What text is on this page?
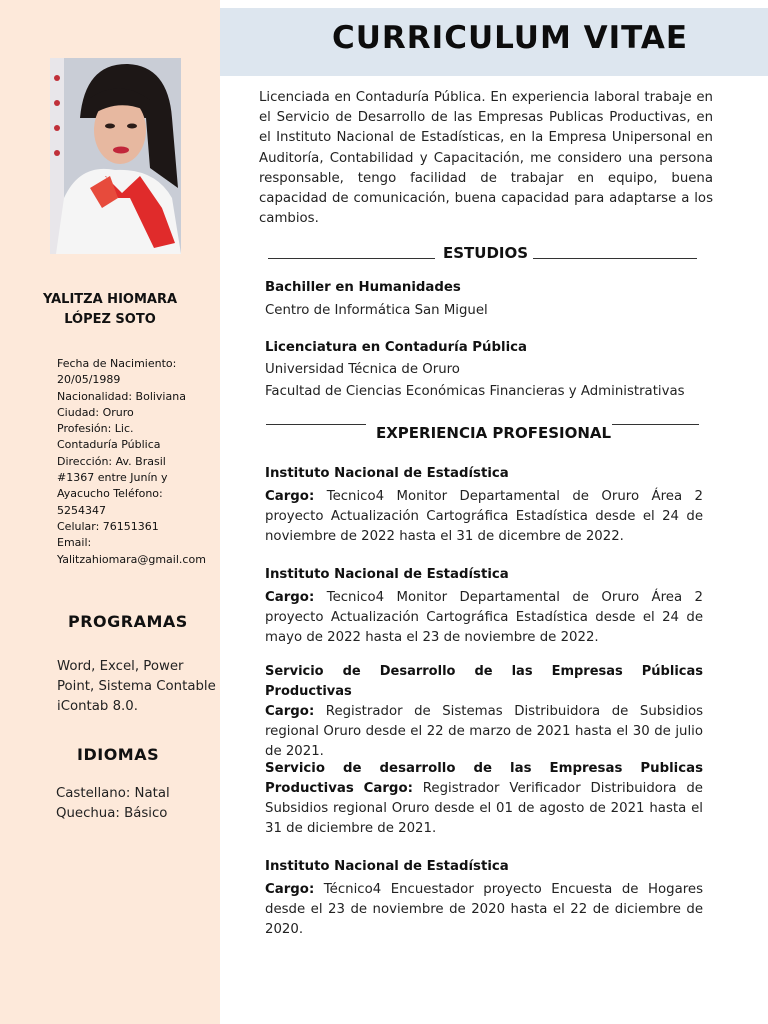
YALITZA HIOMARA
LÓPEZ SOTO
Fecha de Nacimiento:
20/05/1989
Nacionalidad: Boliviana
Ciudad: Oruro
Profesión: Lic.
Contaduría Pública
Dirección: Av. Brasil
#1367 entre Junín y
Ayacucho Teléfono:
5254347
Celular: 76151361
Email:
Yalitzahiomara@gmail.com
PROGRAMAS
Word, Excel, Power Point, Sistema Contable iContab 8.0.
IDIOMAS
Castellano: Natal
Quechua: Básico
CURRICULUM VITAE
Licenciada en Contaduría Pública. En experiencia laboral trabaje en el Servicio de Desarrollo de las Empresas Publicas Productivas, en el Instituto Nacional de Estadísticas, en la Empresa Unipersonal en Auditoría, Contabilidad y Capacitación, me considero una persona responsable, tengo facilidad de trabajar en equipo, buena capacidad de comunicación, buena capacidad para adaptarse a los cambios.
ESTUDIOS
Bachiller en Humanidades
Centro de Informática San Miguel
Licenciatura en Contaduría Pública
Universidad Técnica de Oruro
Facultad de Ciencias Económicas Financieras y Administrativas
EXPERIENCIA PROFESIONAL
Instituto Nacional de Estadística
Cargo: Tecnico4 Monitor Departamental de Oruro Área 2 proyecto Actualización Cartográfica Estadística desde el 24 de noviembre de 2022 hasta el 31 de dicembre de 2022.
Instituto Nacional de Estadística
Cargo: Tecnico4 Monitor Departamental de Oruro Área 2 proyecto Actualización Cartográfica Estadística desde el 24 de mayo de 2022 hasta el 23 de noviembre de 2022.
Servicio de Desarrollo de las Empresas Públicas Productivas
Cargo: Registrador de Sistemas Distribuidora de Subsidios regional Oruro desde el 22 de marzo de 2021 hasta el 30 de julio de 2021.
Servicio de desarrollo de las Empresas Publicas Productivas Cargo: Registrador Verificador Distribuidora de Subsidios regional Oruro desde el 01 de agosto de 2021 hasta el 31 de diciembre de 2021.
Instituto Nacional de Estadística
Cargo: Técnico4 Encuestador proyecto Encuesta de Hogares desde el 23 de noviembre de 2020 hasta el 22 de diciembre de 2020.
